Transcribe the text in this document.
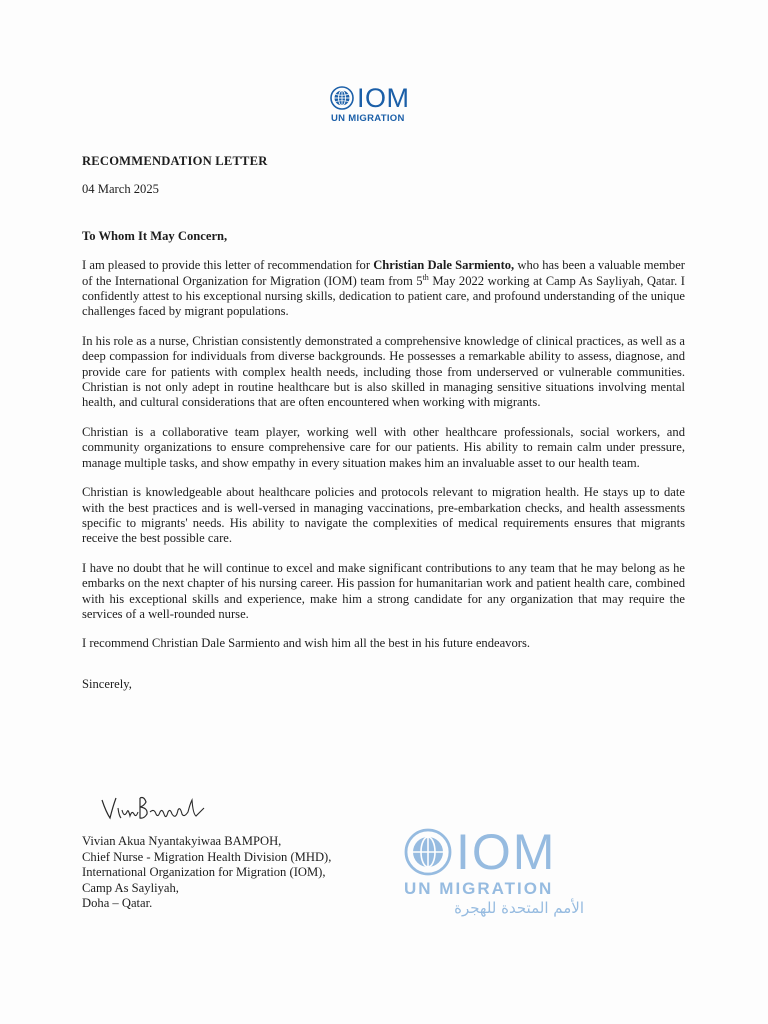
IOM
UN MIGRATION

RECOMMENDATION LETTER

04 March 2025

To Whom It May Concern,

I am pleased to provide this letter of recommendation for Christian Dale Sarmiento, who has been a valuable member of the International Organization for Migration (IOM) team from 5th May 2022 working at Camp As Sayliyah, Qatar. I confidently attest to his exceptional nursing skills, dedication to patient care, and profound understanding of the unique challenges faced by migrant populations.

In his role as a nurse, Christian consistently demonstrated a comprehensive knowledge of clinical practices, as well as a deep compassion for individuals from diverse backgrounds. He possesses a remarkable ability to assess, diagnose, and provide care for patients with complex health needs, including those from underserved or vulnerable communities. Christian is not only adept in routine healthcare but is also skilled in managing sensitive situations involving mental health, and cultural considerations that are often encountered when working with migrants.

Christian is a collaborative team player, working well with other healthcare professionals, social workers, and community organizations to ensure comprehensive care for our patients. His ability to remain calm under pressure, manage multiple tasks, and show empathy in every situation makes him an invaluable asset to our health team.

Christian is knowledgeable about healthcare policies and protocols relevant to migration health. He stays up to date with the best practices and is well-versed in managing vaccinations, pre-embarkation checks, and health assessments specific to migrants' needs. His ability to navigate the complexities of medical requirements ensures that migrants receive the best possible care.

I have no doubt that he will continue to excel and make significant contributions to any team that he may belong as he embarks on the next chapter of his nursing career. His passion for humanitarian work and patient health care, combined with his exceptional skills and experience, make him a strong candidate for any organization that may require the services of a well-rounded nurse.

I recommend Christian Dale Sarmiento and wish him all the best in his future endeavors.

Sincerely,

Vivian Akua Nyantakyiwaa BAMPOH,
Chief Nurse - Migration Health Division (MHD),
International Organization for Migration (IOM),
Camp As Sayliyah,
Doha – Qatar.
IOM
UN MIGRATION
الأمم المتحدة للهجرة
